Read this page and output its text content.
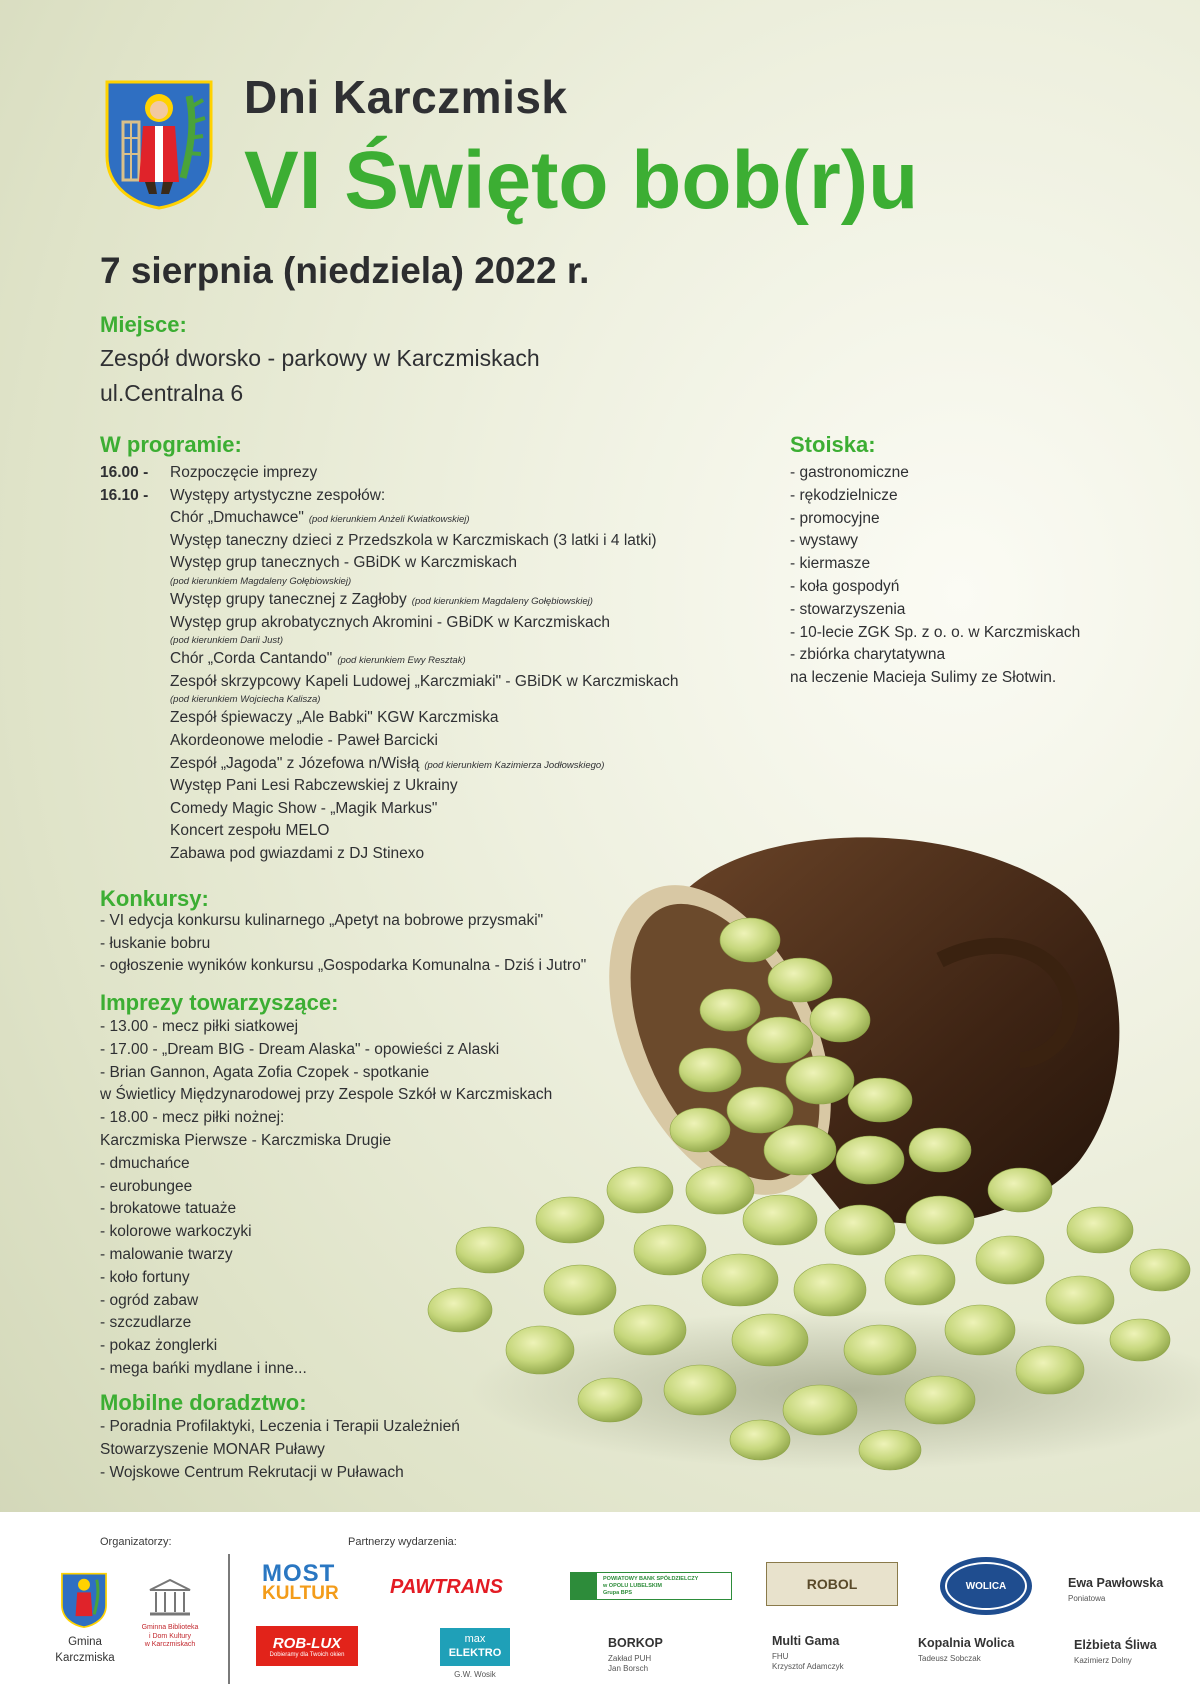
Dni Karczmisk
VI Święto bob(r)u
7 sierpnia (niedziela) 2022 r.
Miejsce:
Zespół dworsko - parkowy w Karczmiskach
ul.Centralna 6
W programie:
16.00 - Rozpoczęcie imprezy
16.10 - Występy artystyczne zespołów:
Chór „Dmuchawce" (pod kierunkiem Anżeli Kwiatkowskiej)
Występ taneczny dzieci z Przedszkola w Karczmiskach (3 latki i 4 latki)
Występ grup tanecznych - GBiDK w Karczmiskach
(pod kierunkiem Magdaleny Gołębiowskiej)
Występ grupy tanecznej z Zagłoby (pod kierunkiem Magdaleny Gołębiowskiej)
Występ grup akrobatycznych Akromini - GBiDK w Karczmiskach
(pod kierunkiem Darii Just)
Chór „Corda Cantando" (pod kierunkiem Ewy Resztak)
Zespół skrzypcowy Kapeli Ludowej „Karczmiaki" - GBiDK w Karczmiskach
(pod kierunkiem Wojciecha Kalisza)
Zespół śpiewaczy „Ale Babki" KGW Karczmiska
Akordeonowe melodie - Paweł Barcicki
Zespół „Jagoda" z Józefowa n/Wisłą (pod kierunkiem Kazimierza Jodłowskiego)
Występ Pani Lesi Rabczewskiej z Ukrainy
Comedy Magic Show - „Magik Markus"
Koncert zespołu MELO
Zabawa pod gwiazdami z DJ Stinexo
Stoiska:
- gastronomiczne
- rękodzielnicze
- promocyjne
- wystawy
- kiermasze
- koła gospodyń
- stowarzyszenia
- 10-lecie ZGK Sp. z o. o. w Karczmiskach
- zbiórka charytatywna
na leczenie Macieja Sulimy ze Słotwin.
Konkursy:
- VI edycja konkursu kulinarnego „Apetyt na bobrowe przysmaki"
- łuskanie bobru
- ogłoszenie wyników konkursu „Gospodarka Komunalna - Dziś i Jutro"
Imprezy towarzyszące:
- 13.00 - mecz piłki siatkowej
- 17.00 - „Dream BIG - Dream Alaska" - opowieści z Alaski
- Brian Gannon, Agata Zofia Czopek - spotkanie
w Świetlicy Międzynarodowej przy Zespole Szkół w Karczmiskach
- 18.00 - mecz piłki nożnej:
Karczmiska Pierwsze - Karczmiska Drugie
- dmuchańce
- eurobungee
- brokatowe tatuaże
- kolorowe warkoczyki
- malowanie twarzy
- koło fortuny
- ogród zabaw
- szczudlarze
- pokaz żonglerki
- mega bańki mydlane i inne...
Mobilne doradztwo:
- Poradnia Profilaktyki, Leczenia i Terapii Uzależnień
Stowarzyszenie MONAR Puławy
- Wojskowe Centrum Rekrutacji w Puławach
Organizatorzy:	Partnerzy wydarzenia:
Gmina
Karczmiska
Gminna Biblioteka
i Dom Kultury
w Karczmiskach
MOST
KULTUR	PAWTRANS	POWIATOWY BANK SPÓŁDZIELCZY
w OPOLU LUBELSKIM
Grupa BPS
ROBOL	WOLICA	Ewa Pawłowska
Poniatowa
ROB-LUX
Dobieramy dla Twoich okien
max
ELEKTRO
G.W. Wosik
BORKOP
Zakład PUH
Jan Borsch
Multi Gama
FHU
Krzysztof Adamczyk
Kopalnia Wolica
Tadeusz Sobczak
Elżbieta Śliwa
Kazimierz Dolny
